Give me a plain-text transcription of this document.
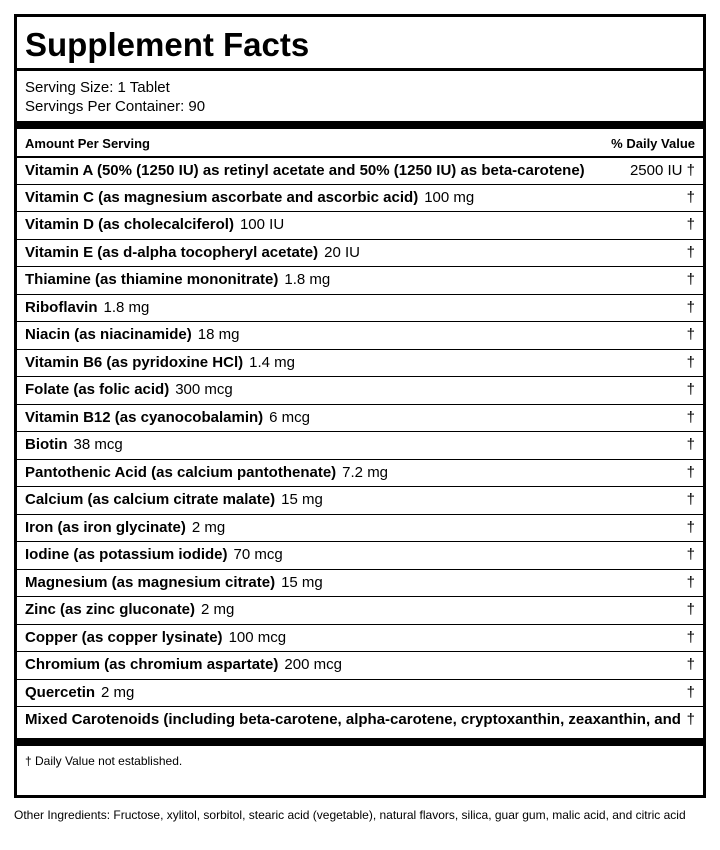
Supplement Facts
Serving Size: 1 Tablet
Servings Per Container: 90
Amount Per Serving	% Daily Value
Vitamin A (50% (1250 IU) as retinyl acetate and 50% (1250 IU) as beta-carotene)	2500 IU †
Vitamin C (as magnesium ascorbate and ascorbic acid) 100 mg	†
Vitamin D (as cholecalciferol) 100 IU	†
Vitamin E (as d-alpha tocopheryl acetate) 20 IU	†
Thiamine (as thiamine mononitrate) 1.8 mg	†
Riboflavin 1.8 mg	†
Niacin (as niacinamide) 18 mg	†
Vitamin B6 (as pyridoxine HCl) 1.4 mg	†
Folate (as folic acid) 300 mcg	†
Vitamin B12 (as cyanocobalamin) 6 mcg	†
Biotin 38 mcg	†
Pantothenic Acid (as calcium pantothenate) 7.2 mg	†
Calcium (as calcium citrate malate) 15 mg	†
Iron (as iron glycinate) 2 mg	†
Iodine (as potassium iodide) 70 mcg	†
Magnesium (as magnesium citrate) 15 mg	†
Zinc (as zinc gluconate) 2 mg	†
Copper (as copper lysinate) 100 mcg	†
Chromium (as chromium aspartate) 200 mcg	†
Quercetin 2 mg	†
Mixed Carotenoids (including beta-carotene, alpha-carotene, cryptoxanthin, zeaxanthin, and †
† Daily Value not established.
Other Ingredients: Fructose, xylitol, sorbitol, stearic acid (vegetable), natural flavors, silica, guar gum, malic acid, and citric acid
